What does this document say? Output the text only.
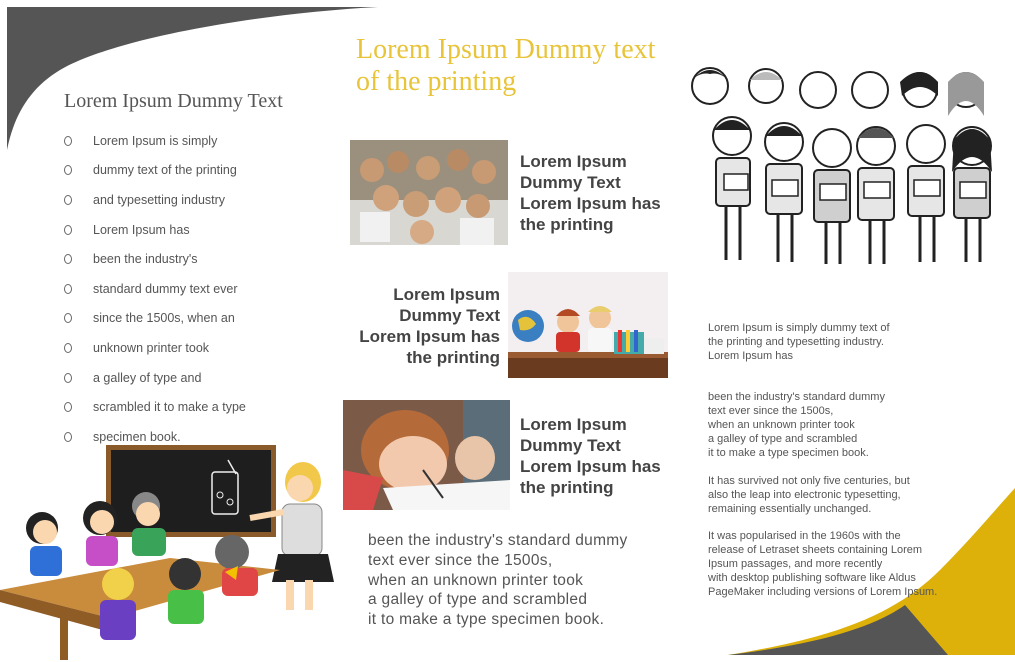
Lorem Ipsum Dummy Text
Lorem Ipsum is simply
dummy text of the printing
and typesetting industry
Lorem Ipsum has
been the industry's
standard dummy text ever
since the 1500s, when an
unknown printer took
a galley of type and
scrambled it to make a type
specimen book.
Lorem Ipsum Dummy text of the printing
Lorem Ipsum
Dummy Text
Lorem Ipsum has
the printing
Lorem Ipsum
Dummy Text
Lorem Ipsum has
the printing
Lorem Ipsum
Dummy Text
Lorem Ipsum has
the printing
been the industry's standard dummy
text ever since the 1500s,
when an unknown printer took
a galley of type and scrambled
it to make a type specimen book.

Lorem Ipsum is simply dummy text of
the printing and typesetting industry.
Lorem Ipsum has

been the industry's standard dummy
text ever since the 1500s,
when an unknown printer took
a galley of type and scrambled
it to make a type specimen book.
It has survived not only five centuries, but
also the leap into electronic typesetting,
remaining essentially unchanged.
It was popularised in the 1960s with the
release of Letraset sheets containing Lorem
Ipsum passages, and more recently
with desktop publishing software like Aldus
PageMaker including versions of Lorem Ipsum.
